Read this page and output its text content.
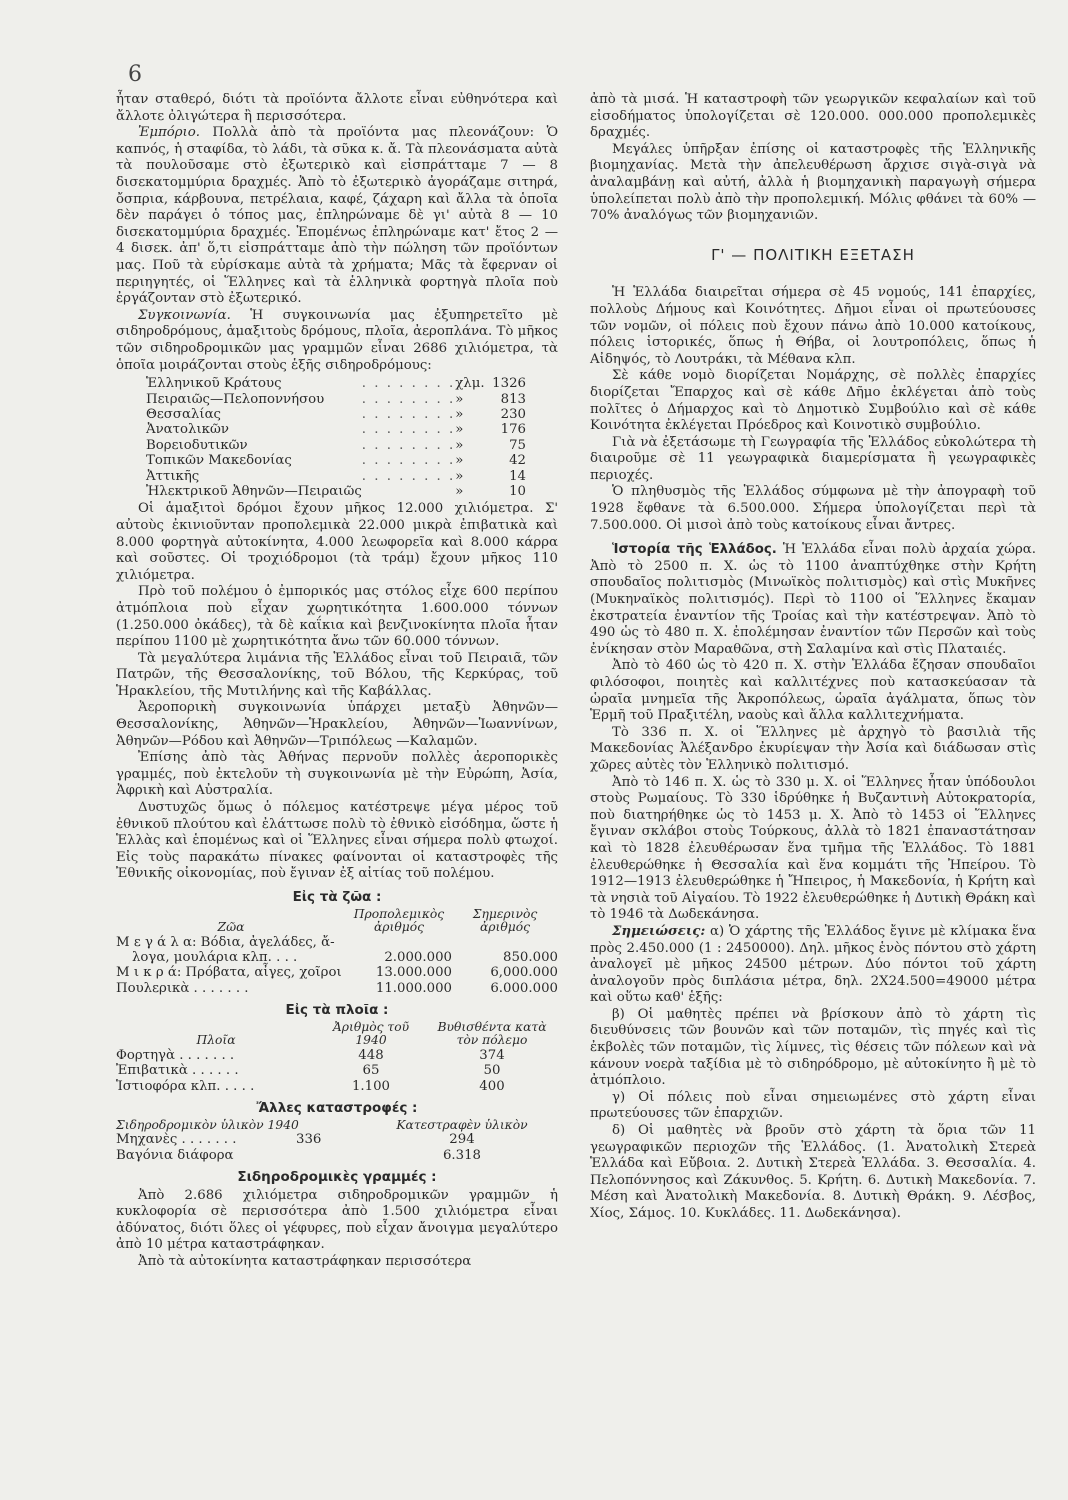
6

ἦταν σταθερό, διότι τὰ προϊόντα ἄλλοτε εἶναι εὐθηνότερα καὶ ἄλλοτε ὀλιγώτερα ἢ περισσότερα.

Ἐμπόριο. Πολλὰ ἀπὸ τὰ προϊόντα μας πλεονάζουν: Ὁ καπνός, ἡ σταφίδα, τὸ λάδι, τὰ σῦκα κ. ἄ. Τὰ πλεονάσματα αὐτὰ τὰ πουλοῦσαμε στὸ ἐξωτερικὸ καὶ εἰσπράτταμε 7 — 8 δισεκατομμύρια δραχμές. Ἀπὸ τὸ ἐξωτερικὸ ἀγοράζαμε σιτηρά, ὄσπρια, κάρβουνα, πετρέλαια, καφέ, ζάχαρη καὶ ἄλλα τὰ ὁποῖα δὲν παράγει ὁ τόπος μας, ἐπληρώναμε δὲ γι' αὐτὰ 8 — 10 δισεκατομμύρια δραχμές. Ἑπομένως ἐπληρώναμε κατ' ἔτος 2 — 4 δισεκ. ἀπ' ὅ,τι εἰσπράτταμε ἀπὸ τὴν πώληση τῶν προϊόντων μας. Ποῦ τὰ εὑρίσκαμε αὐτὰ τὰ χρήματα; Μᾶς τὰ ἔφερναν οἱ περιηγητές, οἱ Ἕλληνες καὶ τὰ ἑλληνικὰ φορτηγὰ πλοῖα ποὺ ἐργάζονταν στὸ ἐξωτερικό.

Συγκοινωνία. Ἡ συγκοινωνία μας ἐξυπηρετεῖτο μὲ σιδηροδρόμους, ἁμαξιτοὺς δρόμους, πλοῖα, ἀεροπλάνα. Τὸ μῆκος τῶν σιδηροδρομικῶν μας γραμμῶν εἶναι 2686 χιλιόμετρα, τὰ ὁποῖα μοιράζονται στοὺς ἑξῆς σιδηροδρόμους:

Ἑλληνικοῦ Κράτους	. . . . . . . .	χλμ.	1326
Πειραιῶς—Πελοποννήσου	. . . . . . . .	»	813
Θεσσαλίας	. . . . . . . .	»	230
Ἀνατολικῶν	. . . . . . . .	»	176
Βορειοδυτικῶν	. . . . . . . .	»	75
Τοπικῶν Μακεδονίας	. . . . . . . .	»	42
Ἀττικῆς	. . . . . . . .	»	14
Ἠλεκτρικοῦ Ἀθηνῶν—Πειραιῶς		»	10

Οἱ ἁμαξιτοὶ δρόμοι ἔχουν μῆκος 12.000 χιλιόμετρα. Σ' αὐτοὺς ἐκινιοῦνταν προπολεμικὰ 22.000 μικρὰ ἐπιβατικὰ καὶ 8.000 φορτηγὰ αὐτοκίνητα, 4.000 λεωφορεῖα καὶ 8.000 κάρρα καὶ σοῦστες. Οἱ τροχιόδρομοι (τὰ τράμ) ἔχουν μῆκος 110 χιλιόμετρα.

Πρὸ τοῦ πολέμου ὁ ἐμπορικός μας στόλος εἶχε 600 περίπου ἀτμόπλοια ποὺ εἶχαν χωρητικότητα 1.600.000 τόννων (1.250.000 ὀκάδες), τὰ δὲ καΐκια καὶ βενζινοκίνητα πλοῖα ἦταν περίπου 1100 μὲ χωρητικότητα ἄνω τῶν 60.000 τόννων.

Τὰ μεγαλύτερα λιμάνια τῆς Ἑλλάδος εἶναι τοῦ Πειραιᾶ, τῶν Πατρῶν, τῆς Θεσσαλονίκης, τοῦ Βόλου, τῆς Κερκύρας, τοῦ Ἡρακλείου, τῆς Μυτιλήνης καὶ τῆς Καβάλλας.

Ἀεροπορικὴ συγκοινωνία ὑπάρχει μεταξὺ Ἀθηνῶν—Θεσσαλονίκης, Ἀθηνῶν—Ἡρακλείου, Ἀθηνῶν—Ἰωαννίνων, Ἀθηνῶν—Ρόδου καὶ Ἀθηνῶν—Τριπόλεως —Καλαμῶν.

Ἐπίσης ἀπὸ τὰς Ἀθήνας περνοῦν πολλὲς ἀεροπορικὲς γραμμές, ποὺ ἐκτελοῦν τὴ συγκοινωνία μὲ τὴν Εὐρώπη, Ἀσία, Ἀφρικὴ καὶ Αὐστραλία.

Δυστυχῶς ὅμως ὁ πόλεμος κατέστρεψε μέγα μέρος τοῦ ἐθνικοῦ πλούτου καὶ ἐλάττωσε πολὺ τὸ ἐθνικὸ εἰσόδημα, ὥστε ἡ Ἑλλὰς καὶ ἑπομένως καὶ οἱ Ἕλληνες εἶναι σήμερα πολὺ φτωχοί. Εἰς τοὺς παρακάτω πίνακες φαίνονται οἱ καταστροφὲς τῆς Ἐθνικῆς οἰκονομίας, ποὺ ἔγιναν ἐξ αἰτίας τοῦ πολέμου.

Εἰς τὰ ζῶα :
Ζῶα	Προπολεμικὸς ἀριθμός	Σημερινὸς ἀριθμός
Μ ε γ ά λ α: Βόδια, ἀγελάδες, ἄ-
λογα, μουλάρια κλπ. . . .	2.000.000	850.000
Μ ι κ ρ ά: Πρόβατα, αἶγες, χοῖροι	13.000.000	6,000.000
Πουλερικὰ . . . . . . .	11.000.000	6.000.000
Εἰς τὰ πλοῖα :
Πλοῖα	Ἀριθμὸς τοῦ 1940	Βυθισθέντα κατὰ τὸν πόλεμο
Φορτηγὰ . . . . . . .	448	374
Ἐπιβατικὰ . . . . . .	65	50
Ἱστιοφόρα κλπ. . . . .	1.100	400
Ἄλλες καταστροφές :
Σιδηροδρομικὸν ὑλικὸν 1940		Κατεστραφὲν ὑλικὸν
Μηχανὲς . . . . . . .	336	294
Βαγόνια διάφορα		6.318
Σιδηροδρομικὲς γραμμές :

Ἀπὸ 2.686 χιλιόμετρα σιδηροδρομικῶν γραμμῶν ἡ κυκλοφορία σὲ περισσότερα ἀπὸ 1.500 χιλιόμετρα εἶναι ἀδύνατος, διότι ὅλες οἱ γέφυρες, ποὺ εἶχαν ἄνοιγμα μεγαλύτερο ἀπὸ 10 μέτρα καταστράφηκαν.

Ἀπὸ τὰ αὐτοκίνητα καταστράφηκαν περισσότερα

ἀπὸ τὰ μισά. Ἡ καταστροφὴ τῶν γεωργικῶν κεφαλαίων καὶ τοῦ εἰσοδήματος ὑπολογίζεται σὲ 120.000. 000.000 προπολεμικὲς δραχμές.

Μεγάλες ὑπῆρξαν ἐπίσης οἱ καταστροφὲς τῆς Ἑλληνικῆς βιομηχανίας. Μετὰ τὴν ἀπελευθέρωση ἄρχισε σιγὰ-σιγὰ νὰ ἀναλαμβάνῃ καὶ αὐτή, ἀλλὰ ἡ βιομηχανικὴ παραγωγὴ σήμερα ὑπολείπεται πολὺ ἀπὸ τὴν προπολεμική. Μόλις φθάνει τὰ 60% — 70% ἀναλόγως τῶν βιομηχανιῶν.

Γ' — ΠΟΛΙΤΙΚΗ ΕΞΕΤΑΣΗ

Ἡ Ἑλλάδα διαιρεῖται σήμερα σὲ 45 νομούς, 141 ἐπαρχίες, πολλοὺς Δήμους καὶ Κοινότητες. Δῆμοι εἶναι οἱ πρωτεύουσες τῶν νομῶν, οἱ πόλεις ποὺ ἔχουν πάνω ἀπὸ 10.000 κατοίκους, πόλεις ἱστορικές, ὅπως ἡ Θήβα, οἱ λουτροπόλεις, ὅπως ἡ Αἰδηψός, τὸ Λουτράκι, τὰ Μέθανα κλπ.

Σὲ κάθε νομὸ διορίζεται Νομάρχης, σὲ πολλὲς ἐπαρχίες διορίζεται Ἔπαρχος καὶ σὲ κάθε Δῆμο ἐκλέγεται ἀπὸ τοὺς πολῖτες ὁ Δήμαρχος καὶ τὸ Δημοτικὸ Συμβούλιο καὶ σὲ κάθε Κοινότητα ἐκλέγεται Πρόεδρος καὶ Κοινοτικὸ συμβούλιο.

Γιὰ νὰ ἐξετάσωμε τὴ Γεωγραφία τῆς Ἑλλάδος εὐκολώτερα τὴ διαιροῦμε σὲ 11 γεωγραφικὰ διαμερίσματα ἢ γεωγραφικὲς περιοχές.

Ὁ πληθυσμὸς τῆς Ἑλλάδος σύμφωνα μὲ τὴν ἀπογραφὴ τοῦ 1928 ἔφθανε τὰ 6.500.000. Σήμερα ὑπολογίζεται περὶ τὰ 7.500.000. Οἱ μισοὶ ἀπὸ τοὺς κατοίκους εἶναι ἄντρες.

Ἱστορία τῆς Ἑλλάδος. Ἡ Ἑλλάδα εἶναι πολὺ ἀρχαία χώρα. Ἀπὸ τὸ 2500 π. Χ. ὡς τὸ 1100 ἀναπτύχθηκε στὴν Κρήτη σπουδαῖος πολιτισμὸς (Μινωϊκὸς πολιτισμὸς) καὶ στὶς Μυκῆνες (Μυκηναϊκὸς πολιτισμός). Περὶ τὸ 1100 οἱ Ἕλληνες ἔκαμαν ἐκστρατεία ἐναντίον τῆς Τροίας καὶ τὴν κατέστρεψαν. Ἀπὸ τὸ 490 ὡς τὸ 480 π. Χ. ἐπολέμησαν ἐναντίον τῶν Περσῶν καὶ τοὺς ἐνίκησαν στὸν Μαραθῶνα, στὴ Σαλαμίνα καὶ στὶς Πλαταιές.

Ἀπὸ τὸ 460 ὡς τὸ 420 π. Χ. στὴν Ἑλλάδα ἔζησαν σπουδαῖοι φιλόσοφοι, ποιητὲς καὶ καλλιτέχνες ποὺ κατασκεύασαν τὰ ὡραῖα μνημεῖα τῆς Ἀκροπόλεως, ὡραῖα ἀγάλματα, ὅπως τὸν Ἑρμῆ τοῦ Πραξιτέλη, ναοὺς καὶ ἄλλα καλλιτεχνήματα.

Τὸ 336 π. Χ. οἱ Ἕλληνες μὲ ἀρχηγὸ τὸ βασιλιὰ τῆς Μακεδονίας Ἀλέξανδρο ἐκυρίεψαν τὴν Ἀσία καὶ διάδωσαν στὶς χῶρες αὐτὲς τὸν Ἑλληνικὸ πολιτισμό.

Ἀπὸ τὸ 146 π. Χ. ὡς τὸ 330 μ. Χ. οἱ Ἕλληνες ἦταν ὑπόδουλοι στοὺς Ρωμαίους. Τὸ 330 ἱδρύθηκε ἡ Βυζαντινὴ Αὐτοκρατορία, ποὺ διατηρήθηκε ὡς τὸ 1453 μ. Χ. Ἀπὸ τὸ 1453 οἱ Ἕλληνες ἔγιναν σκλάβοι στοὺς Τούρκους, ἀλλὰ τὸ 1821 ἐπαναστάτησαν καὶ τὸ 1828 ἐλευθέρωσαν ἕνα τμῆμα τῆς Ἑλλάδος. Τὸ 1881 ἐλευθερώθηκε ἡ Θεσσαλία καὶ ἕνα κομμάτι τῆς Ἠπείρου. Τὸ 1912—1913 ἐλευθερώθηκε ἡ Ἤπειρος, ἡ Μακεδονία, ἡ Κρήτη καὶ τὰ νησιὰ τοῦ Αἰγαίου. Τὸ 1922 ἐλευθερώθηκε ἡ Δυτικὴ Θράκη καὶ τὸ 1946 τὰ Δωδεκάνησα.

Σημειώσεις: α) Ὁ χάρτης τῆς Ἑλλάδος ἔγινε μὲ κλίμακα ἕνα πρὸς 2.450.000 (1 : 2450000). Δηλ. μῆκος ἑνὸς πόντου στὸ χάρτη ἀναλογεῖ μὲ μῆκος 24500 μέτρων. Δύο πόντοι τοῦ χάρτη ἀναλογοῦν πρὸς διπλάσια μέτρα, δηλ. 2X24.500=49000 μέτρα καὶ οὕτω καθ' ἑξῆς:

β) Οἱ μαθητὲς πρέπει νὰ βρίσκουν ἀπὸ τὸ χάρτη τὶς διευθύνσεις τῶν βουνῶν καὶ τῶν ποταμῶν, τὶς πηγές καὶ τὶς ἐκβολὲς τῶν ποταμῶν, τὶς λίμνες, τὶς θέσεις τῶν πόλεων καὶ νὰ κάνουν νοερὰ ταξίδια μὲ τὸ σιδηρόδρομο, μὲ αὐτοκίνητο ἢ μὲ τὸ ἀτμόπλοιο.

γ) Οἱ πόλεις ποὺ εἶναι σημειωμένες στὸ χάρτη εἶναι πρωτεύουσες τῶν ἐπαρχιῶν.

δ) Οἱ μαθητὲς νὰ βροῦν στὸ χάρτη τὰ ὅρια τῶν 11 γεωγραφικῶν περιοχῶν τῆς Ἑλλάδος. (1. Ἀνατολικὴ Στερεὰ Ἑλλάδα καὶ Εὔβοια. 2. Δυτικὴ Στερεὰ Ἑλλάδα. 3. Θεσσαλία. 4. Πελοπόννησος καὶ Ζάκυνθος. 5. Κρήτη. 6. Δυτικὴ Μακεδονία. 7. Μέση καὶ Ἀνατολικὴ Μακεδονία. 8. Δυτικὴ Θράκη. 9. Λέσβος, Χίος, Σάμος. 10. Κυκλάδες. 11. Δωδεκάνησα).
